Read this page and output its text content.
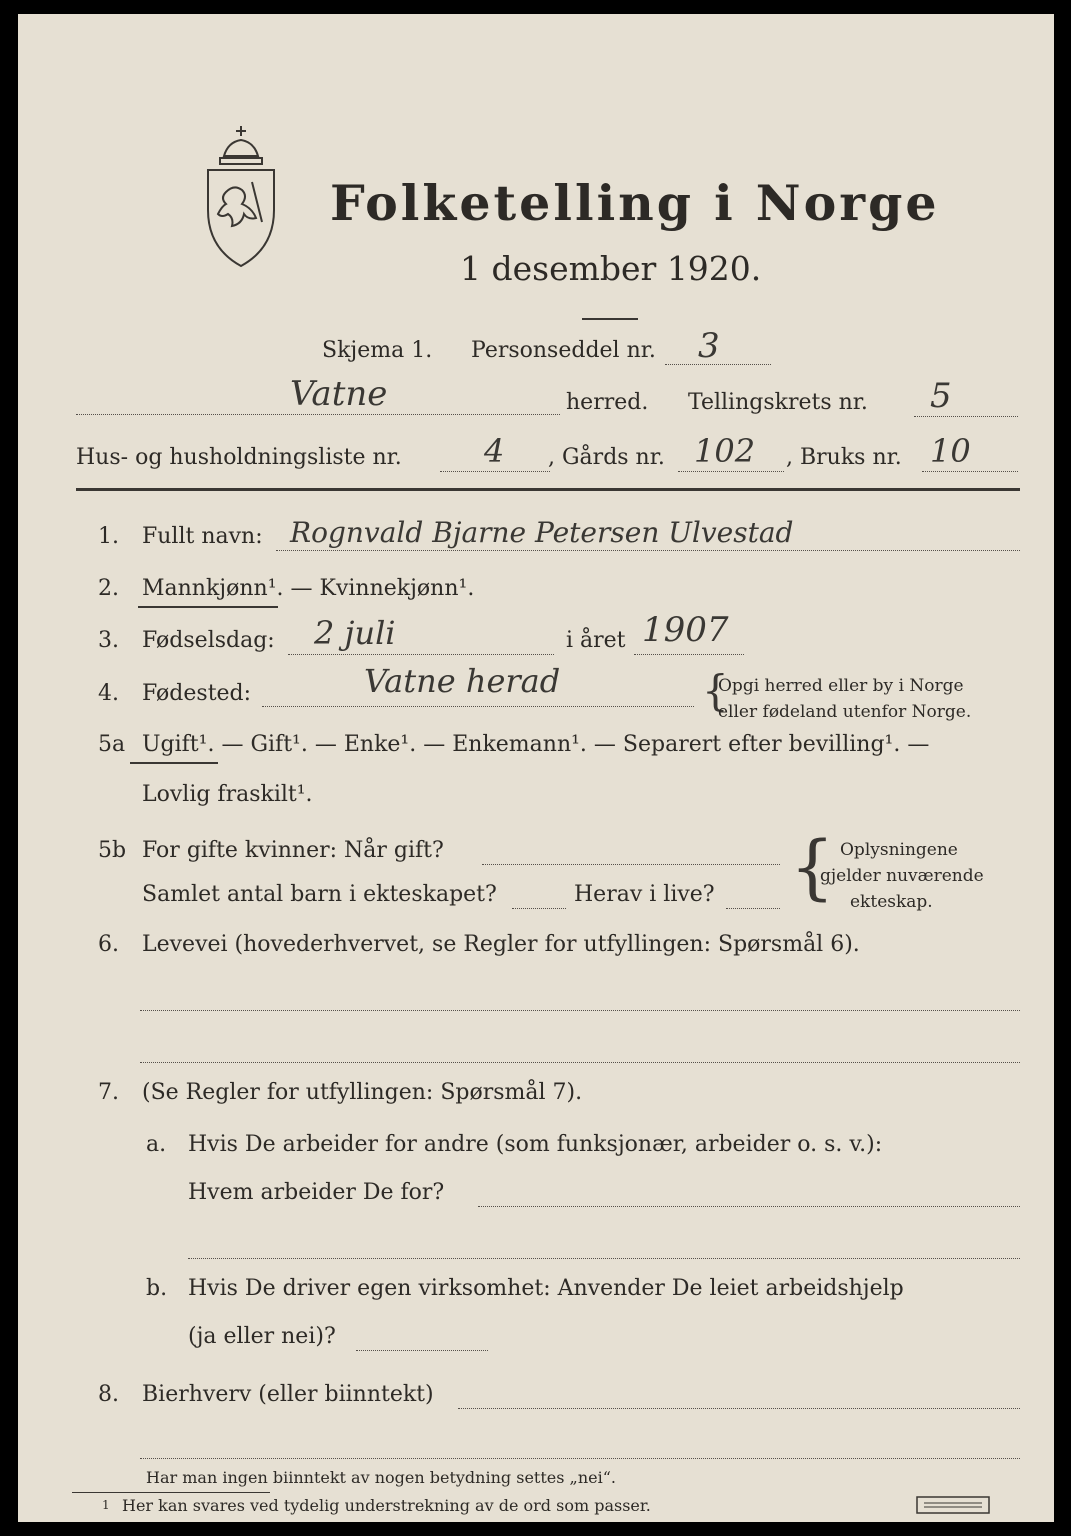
Folketelling i Norge
1 desember 1920.
Skjema 1. Personseddel nr. 3
Vatne	herred. Tellingskrets nr. 5
Hus- og husholdningsliste nr.	4 , Gårds nr. 102 , Bruks nr. 10
1. Fullt navn: Rognvald Bjarne Petersen Ulvestad
2. Mannkjønn¹. — Kvinnekjønn¹.
3. Fødselsdag: 2 juli	i året 1907
4. Fødested:	Vatne herad	{
Opgi herred eller by i Norge
eller fødeland utenfor Norge.
5a Ugift¹. — Gift¹. — Enke¹. — Enkemann¹. — Separert efter bevilling¹. —
Lovlig fraskilt¹.
5b For gifte kvinner: Når gift?
Samlet antal barn i ekteskapet?	Herav i live? { Oplysningene
gjelder nuværende
ekteskap.
6. Levevei (hovederhvervet, se Regler for utfyllingen: Spørsmål 6).
7. (Se Regler for utfyllingen: Spørsmål 7).
a. Hvis De arbeider for andre (som funksjonær, arbeider o. s. v.):
Hvem arbeider De for?
b. Hvis De driver egen virksomhet: Anvender De leiet arbeidshjelp
(ja eller nei)?
8. Bierhverv (eller biinntekt)
Har man ingen biinntekt av nogen betydning settes „nei“.
1 Her kan svares ved tydelig understrekning av de ord som passer.
